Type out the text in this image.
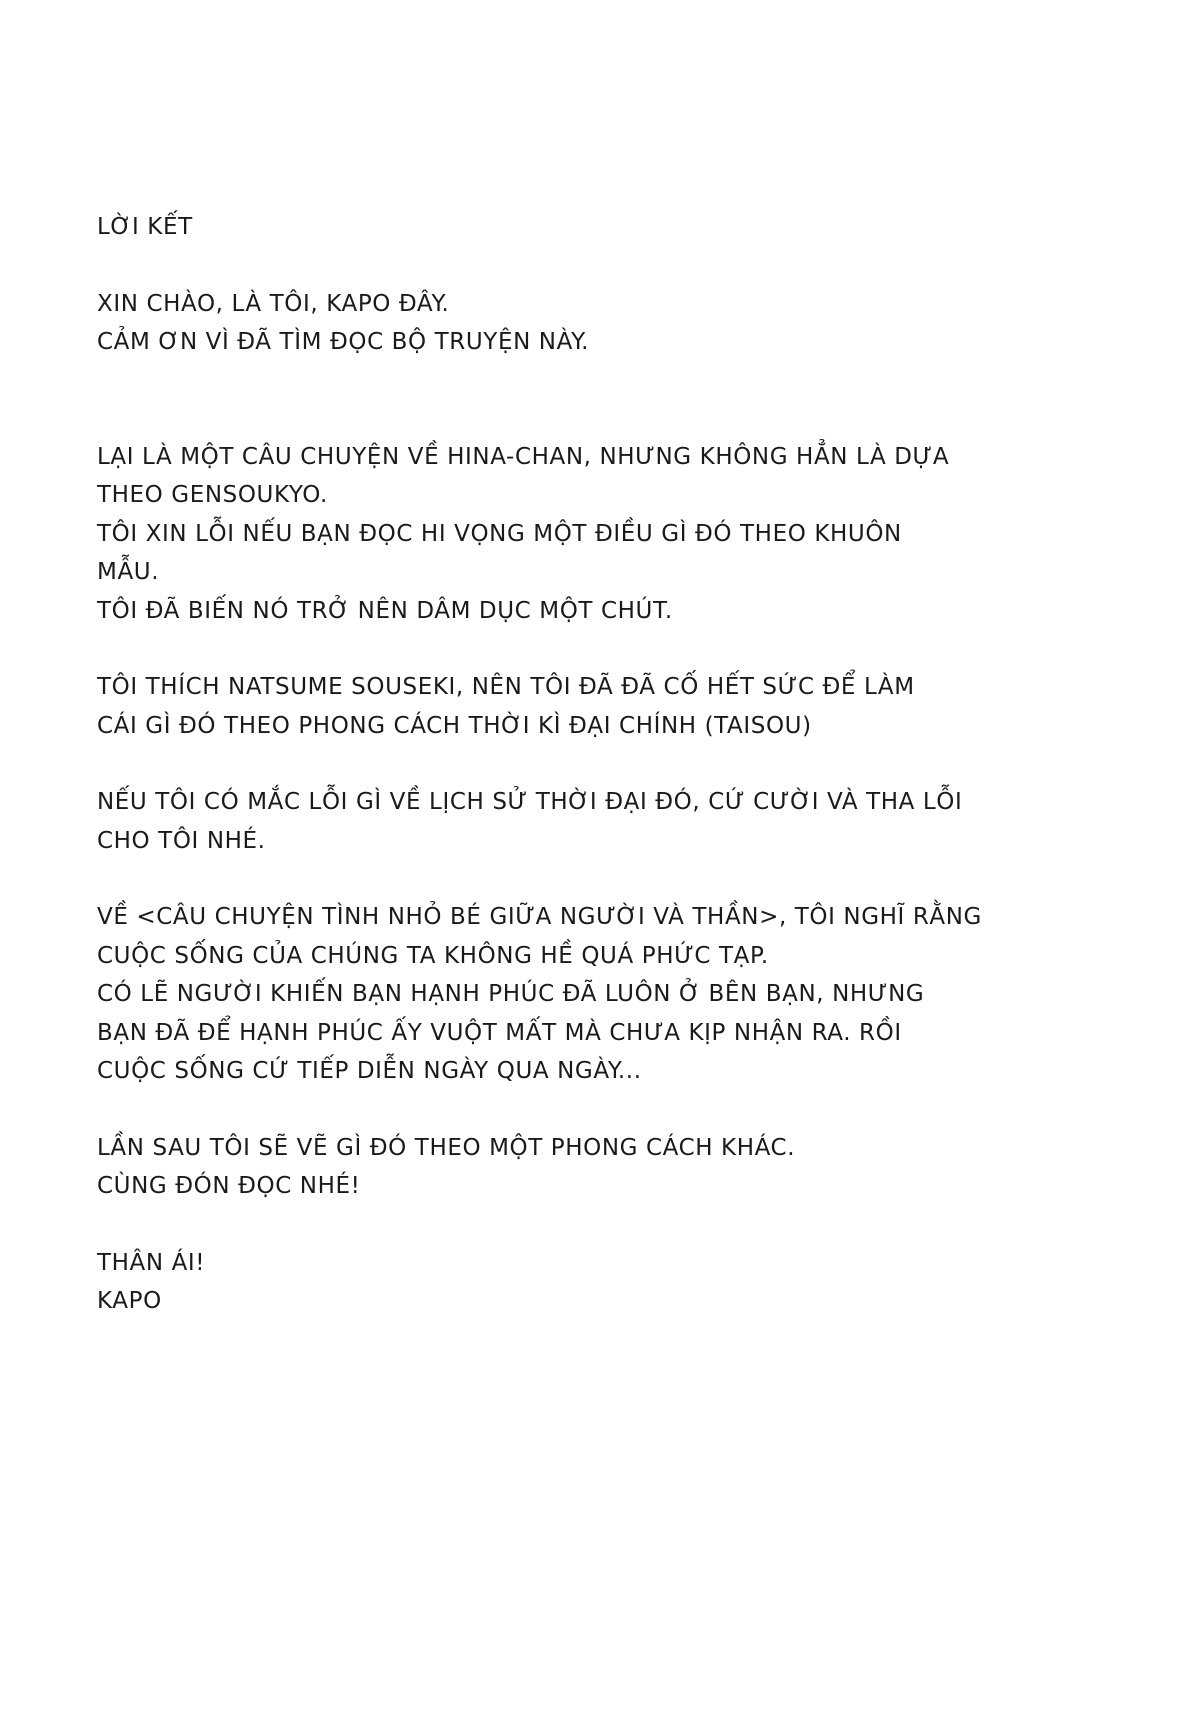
LỜI KẾT
XIN CHÀO, LÀ TÔI, KAPO ĐÂY.
CẢM ƠN VÌ ĐÃ TÌM ĐỌC BỘ TRUYỆN NÀY.
LẠI LÀ MỘT CÂU CHUYỆN VỀ HINA-CHAN, NHƯNG KHÔNG HẲN LÀ DỰA
THEO GENSOUKYO.
TÔI XIN LỖI NẾU BẠN ĐỌC HI VỌNG MỘT ĐIỀU GÌ ĐÓ THEO KHUÔN
MẪU.
TÔI ĐÃ BIẾN NÓ TRỞ NÊN DÂM DỤC MỘT CHÚT.
TÔI THÍCH NATSUME SOUSEKI, NÊN TÔI ĐÃ ĐÃ CỐ HẾT SỨC ĐỂ LÀM
CÁI GÌ ĐÓ THEO PHONG CÁCH THỜI KÌ ĐẠI CHÍNH (TAISOU)
NẾU TÔI CÓ MẮC LỖI GÌ VỀ LỊCH SỬ THỜI ĐẠI ĐÓ, CỨ CƯỜI VÀ THA LỖI
CHO TÔI NHÉ.
VỀ <CÂU CHUYỆN TÌNH NHỎ BÉ GIỮA NGƯỜI VÀ THẦN>, TÔI NGHĨ RẰNG
CUỘC SỐNG CỦA CHÚNG TA KHÔNG HỀ QUÁ PHỨC TẠP.
CÓ LẼ NGƯỜI KHIẾN BẠN HẠNH PHÚC ĐÃ LUÔN Ở BÊN BẠN, NHƯNG
BẠN ĐÃ ĐỂ HẠNH PHÚC ẤY VUỘT MẤT MÀ CHƯA KỊP NHẬN RA. RỒI
CUỘC SỐNG CỨ TIẾP DIỄN NGÀY QUA NGÀY...
LẦN SAU TÔI SẼ VẼ GÌ ĐÓ THEO MỘT PHONG CÁCH KHÁC.
CÙNG ĐÓN ĐỌC NHÉ!
THÂN ÁI!
KAPO
